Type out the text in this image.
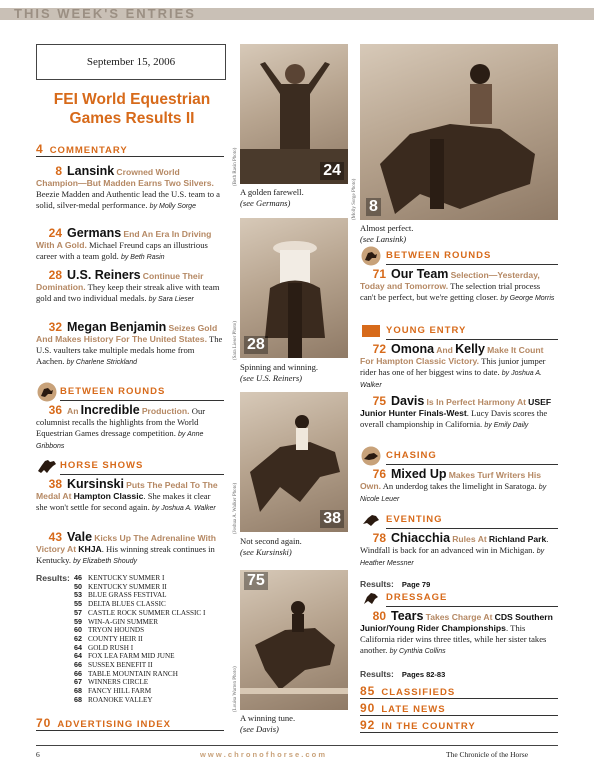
THIS WEEK'S ENTRIES
September 15, 2006
FEI World Equestrian Games Results II
4 COMMENTARY
8 Lansink Crowned World Champion—But Madden Earns Two Silvers. Beezie Madden and Authentic lead the U.S. team to a solid, silver-medal performance. by Molly Sorge
24 Germans End An Era In Driving With A Gold. Michael Freund caps an illustrious career with a team gold. by Beth Rasin
28 U.S. Reiners Continue Their Domination. They keep their streak alive with team gold and two individual medals. by Sara Lieser
32 Megan Benjamin Seizes Gold And Makes History For The United States. The U.S. vaulters take multiple medals home from Aachen. by Charlene Strickland
BETWEEN ROUNDS
36 An Incredible Production. Our columnist recalls the highlights from the World Equestrian Games dressage competition. by Anne Gribbons
HORSE SHOWS
38 Kursinski Puts The Pedal To The Medal At Hampton Classic. She makes it clear she won't settle for second again. by Joshua A. Walker
43 Vale Kicks Up The Adrenaline With Victory At KHJA. His winning streak continues in Kentucky. by Elizabeth Shoudy
Results: 46 KENTUCKY SUMMER I
50 KENTUCKY SUMMER II
53 BLUE GRASS FESTIVAL
55 DELTA BLUES CLASSIC
57 CASTLE ROCK SUMMER CLASSIC I
59 WIN-A-GIN SUMMER
60 TRYON HOUNDS
62 COUNTY HEIR II
64 GOLD RUSH I
64 FOX LEA FARM MID JUNE
66 SUSSEX BENEFIT II
66 TABLE MOUNTAIN RANCH
67 WINNERS CIRCLE
68 FANCY HILL FARM
68 ROANOKE VALLEY
70 ADVERTISING INDEX
24
(Beth Rasin Photo)
A golden farewell.
(see Germans)
28
(Sara Lieser Photo)
Spinning and winning.
(see U.S. Reiners)
38
(Joshua A. Walker Photo)
Not second again.
(see Kursinski)
75
(Louisa Warren Photo)
A winning tune.
(see Davis)
8
(Molly Sorge Photo)
Almost perfect.
(see Lansink)
BETWEEN ROUNDS
71 Our Team Selection—Yesterday, Today and Tomorrow. The selection trial process can't be perfect, but we're getting closer. by George Morris
YOUNG ENTRY
72 Omona And Kelly Make It Count For Hampton Classic Victory. This junior jumper rider has one of her biggest wins to date. by Joshua A. Walker
75 Davis Is In Perfect Harmony At USEF Junior Hunter Finals-West. Lucy Davis scores the overall championship in California. by Emily Daily
CHASING
76 Mixed Up Makes Turf Writers His Own. An underdog takes the limelight in Saratoga. by Nicole Leuer
EVENTING
78 Chiacchia Rules At Richland Park. Windfall is back for an advanced win in Michigan. by Heather Messner
Results: Page 79
DRESSAGE
80 Tears Takes Charge At CDS Southern Junior/Young Rider Championships. This California rider wins three titles, while her sister takes another. by Cynthia Collins
Results: Pages 82-83
85 CLASSIFIEDS
90 LATE NEWS
92 IN THE COUNTRY
6	w w w . c h r o n o f h o r s e . c o m	The Chronicle of the Horse
